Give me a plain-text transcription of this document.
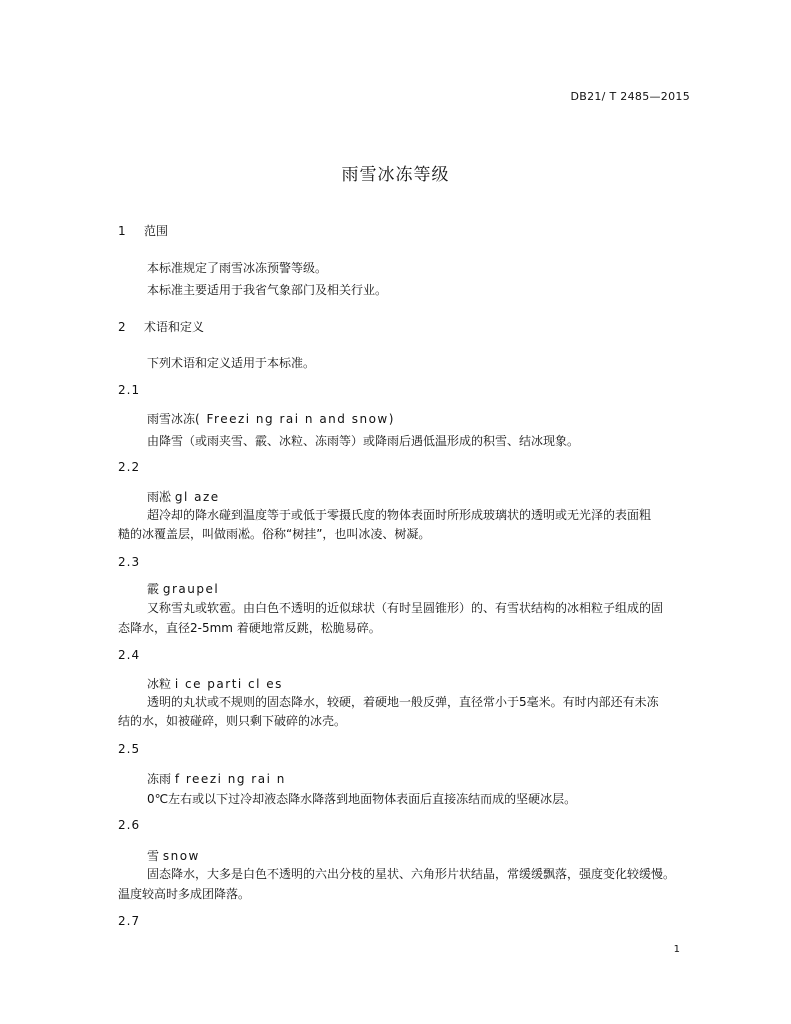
DB21/ T 2485—2015
雨雪冰冻等级
1 范围
本标准规定了雨雪冰冻预警等级。
本标准主要适用于我省气象部门及相关行业。
2 术语和定义
下列术语和定义适用于本标准。
2.1
雨雪冰冻( Freezi ng rai n and snow)
由降雪（或雨夹雪、霰、冰粒、冻雨等）或降雨后遇低温形成的积雪、结冰现象。
2.2
雨凇 gl aze
超冷却的降水碰到温度等于或低于零摄氏度的物体表面时所形成玻璃状的透明或无光泽的表面粗
糙的冰覆盖层，叫做雨凇。俗称“树挂”，也叫冰凌、树凝。
2.3
霰 graupel
又称雪丸或软雹。由白色不透明的近似球状（有时呈圆锥形）的、有雪状结构的冰相粒子组成的固
态降水，直径2-5mm 着硬地常反跳，松脆易碎。
2.4
冰粒 i ce parti cl es
透明的丸状或不规则的固态降水，较硬，着硬地一般反弹，直径常小于5毫米。有时内部还有未冻
结的水，如被碰碎，则只剩下破碎的冰壳。
2.5
冻雨 f reezi ng rai n
0℃左右或以下过冷却液态降水降落到地面物体表面后直接冻结而成的坚硬冰层。
2.6
雪 snow
固态降水，大多是白色不透明的六出分枝的星状、六角形片状结晶，常缓缓飘落，强度变化较缓慢。
温度较高时多成团降落。
2.7
1
